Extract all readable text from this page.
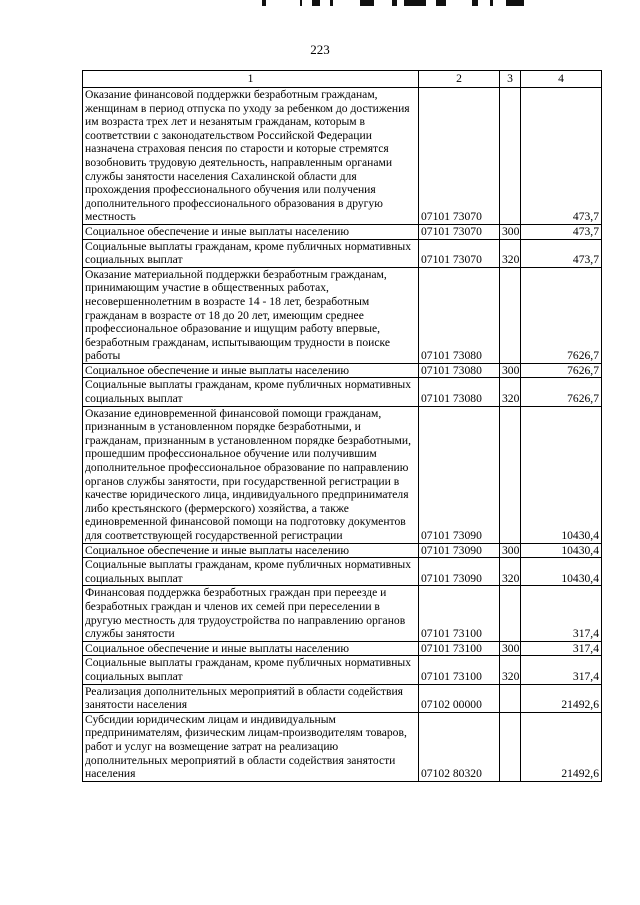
223
1	2	3	4
Оказание финансовой поддержки безработным гражданам, женщинам в период отпуска по уходу за ребенком до достижения им возраста трех лет и незанятым гражданам, которым в соответствии с законодательством Российской Федерации назначена страховая пенсия по старости и которые стремятся возобновить трудовую деятельность, направленным органами службы занятости населения Сахалинской области для прохождения профессионального обучения или получения дополнительного профессионального образования в другую местность	07101 73070		473,7
Социальное обеспечение и иные выплаты населению	07101 73070	300	473,7
Социальные выплаты гражданам, кроме публичных нормативных социальных выплат	07101 73070	320	473,7
Оказание материальной поддержки безработным гражданам, принимающим участие в общественных работах, несовершеннолетним в возрасте 14 - 18 лет, безработным гражданам в возрасте от 18 до 20 лет, имеющим среднее профессиональное образование и ищущим работу впервые, безработным гражданам, испытывающим трудности в поиске работы	07101 73080		7626,7
Социальное обеспечение и иные выплаты населению	07101 73080	300	7626,7
Социальные выплаты гражданам, кроме публичных нормативных социальных выплат	07101 73080	320	7626,7
Оказание единовременной финансовой помощи гражданам, признанным в установленном порядке безработными, и гражданам, признанным в установленном порядке безработными, прошедшим профессиональное обучение или получившим дополнительное профессиональное образование по направлению органов службы занятости, при государственной регистрации в качестве юридического лица, индивидуального предпринимателя либо крестьянского (фермерского) хозяйства, а также единовременной финансовой помощи на подготовку документов для соответствующей государственной регистрации	07101 73090		10430,4
Социальное обеспечение и иные выплаты населению	07101 73090	300	10430,4
Социальные выплаты гражданам, кроме публичных нормативных социальных выплат	07101 73090	320	10430,4
Финансовая поддержка безработных граждан при переезде и безработных граждан и членов их семей при переселении в другую местность для трудоустройства по направлению органов службы занятости	07101 73100		317,4
Социальное обеспечение и иные выплаты населению	07101 73100	300	317,4
Социальные выплаты гражданам, кроме публичных нормативных социальных выплат	07101 73100	320	317,4
Реализация дополнительных мероприятий в области содействия занятости населения	07102 00000		21492,6
Субсидии юридическим лицам и индивидуальным предпринимателям, физическим лицам-производителям товаров, работ и услуг на возмещение затрат на реализацию дополнительных мероприятий в области содействия занятости населения	07102 80320		21492,6
